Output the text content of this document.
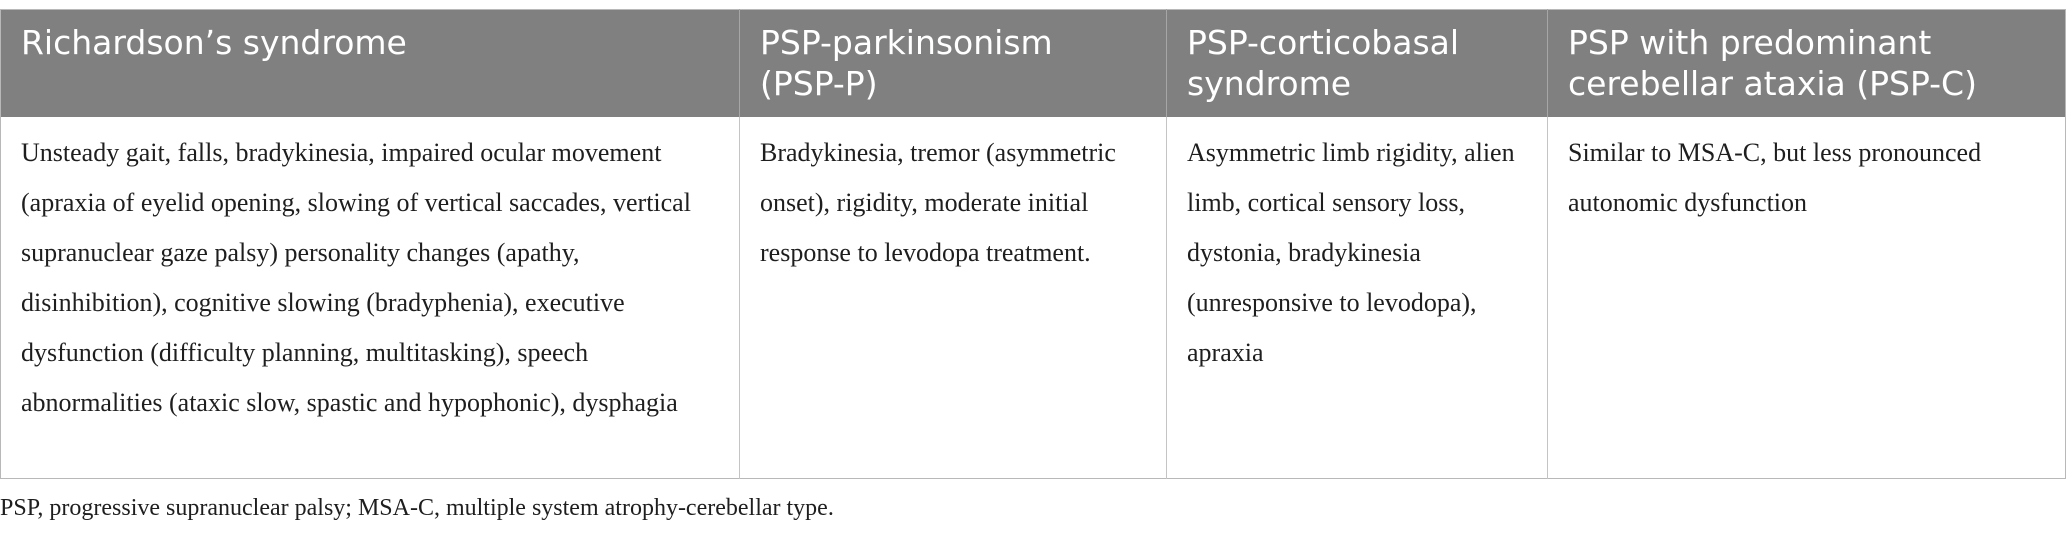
Richardson’s syndrome	PSP-parkinsonism (PSP-P)	PSP-corticobasal syndrome	PSP with predominant cerebellar ataxia (PSP-C)
Unsteady gait, falls, bradykinesia, impaired ocular movement (apraxia of eyelid opening, slowing of vertical saccades, vertical supranuclear gaze palsy) personality changes (apathy, disinhibition), cognitive slowing (bradyphenia), executive dysfunction (difficulty planning, multitasking), speech abnormalities (ataxic slow, spastic and hypophonic), dysphagia	Bradykinesia, tremor (asymmetric onset), rigidity, moderate initial response to levodopa treatment.	Asymmetric limb rigidity, alien limb, cortical sensory loss, dystonia, bradykinesia (unresponsive to levodopa), apraxia	Similar to MSA-C, but less pronounced autonomic dysfunction
PSP, progressive supranuclear palsy; MSA-C, multiple system atrophy-cerebellar type.
